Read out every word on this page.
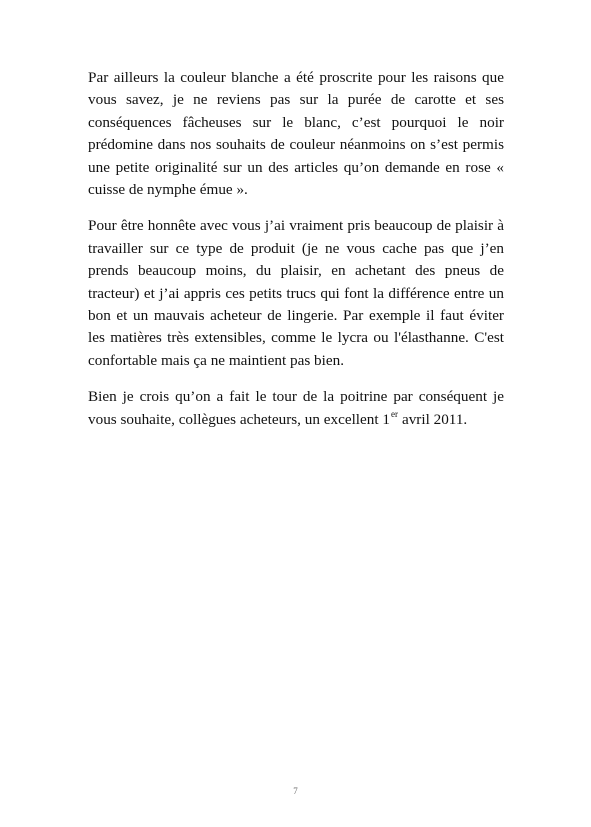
Par ailleurs la couleur blanche a été proscrite pour les raisons que vous savez, je ne reviens pas sur la purée de carotte et ses conséquences fâcheuses sur le blanc, c’est pourquoi le noir prédomine dans nos souhaits de couleur néanmoins on s’est permis une petite originalité sur un des articles qu’on demande en rose « cuisse de nymphe émue ».

Pour être honnête avec vous j’ai vraiment pris beaucoup de plaisir à travailler sur ce type de produit (je ne vous cache pas que j’en prends beaucoup moins, du plaisir, en achetant des pneus de tracteur) et j’ai appris ces petits trucs qui font la différence entre un bon et un mauvais acheteur de lingerie. Par exemple il faut éviter les matières très extensibles, comme le lycra ou l'élasthanne. C'est confortable mais ça ne maintient pas bien.

Bien je crois qu’on a fait le tour de la poitrine par conséquent je vous souhaite, collègues acheteurs, un excellent 1er avril 2011.

7
